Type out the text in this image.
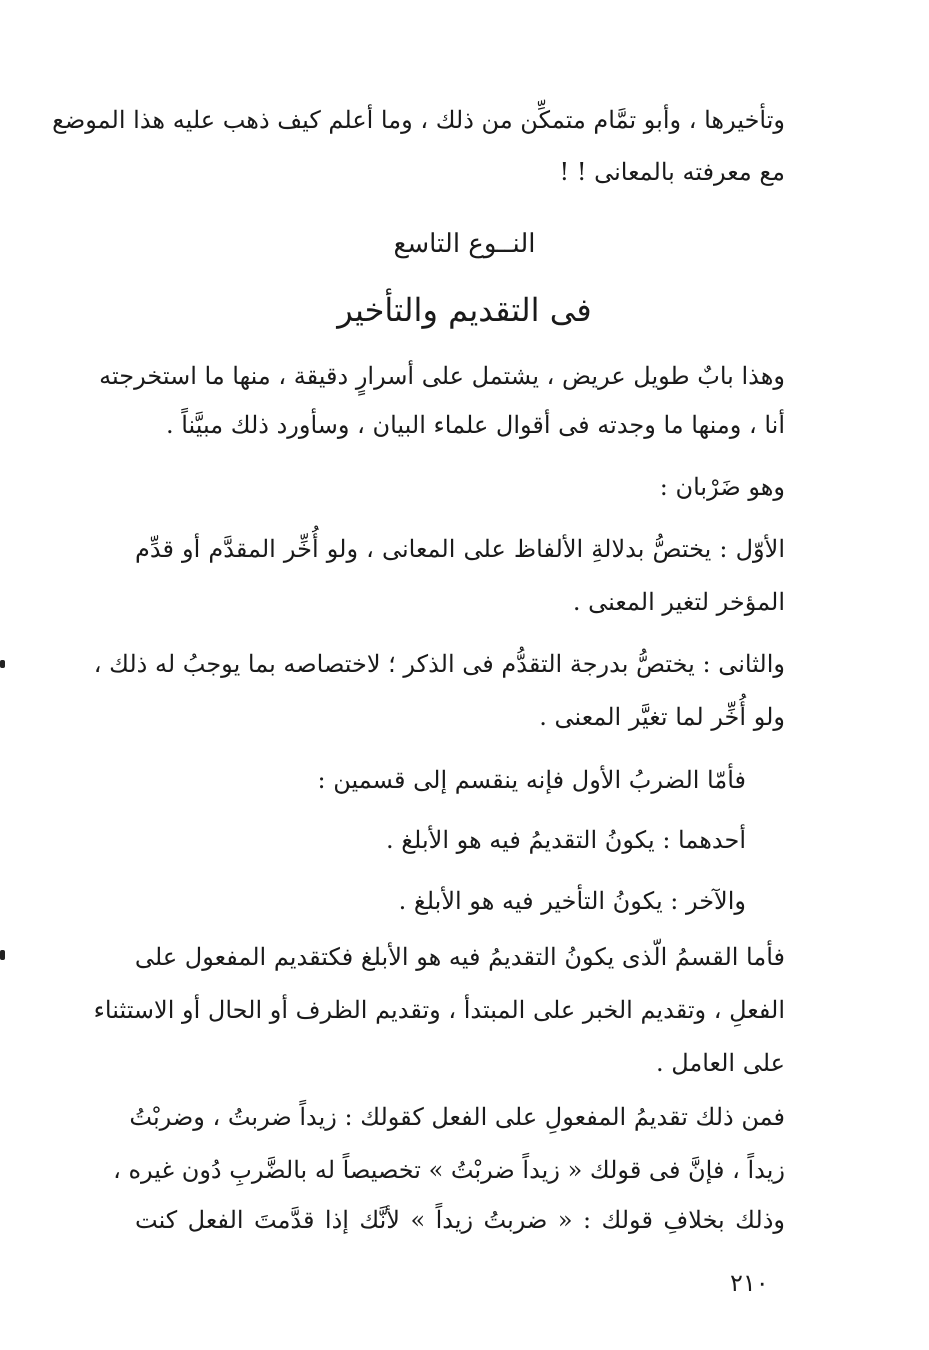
وتأخيرها ، وأبو تمَّام متمكِّن من ذلك ، وما أعلم كيف ذهب عليه هذا الموضع
مع معرفته بالمعانى ! !
النــوع التاسع
فى التقديم والتأخير
وهذا بابٌ طويل عريض ، يشتمل على أسرارٍ دقيقة ، منها ما استخرجته
أنا ، ومنها ما وجدته فى أقوال علماء البيان ، وسأورد ذلك مبيَّناً .
وهو ضَرْبان :
الأوّل : يختصُّ بدلالةِ الألفاظ على المعانى ، ولو أُخِّر المقدَّم أو قدِّم
المؤخر لتغير المعنى .
والثانى : يختصُّ بدرجة التقدُّم فى الذكر ؛ لاختصاصه بما يوجبُ له ذلك ،
ولو أُخِّر لما تغيَّر المعنى .
فأمّا الضربُ الأول فإنه ينقسم إلى قسمين :
أحدهما : يكونُ التقديمُ فيه هو الأبلغ .
والآخر : يكونُ التأخير فيه هو الأبلغ .
فأما القسمُ الّذى يكونُ التقديمُ فيه هو الأبلغ فكتقديم المفعول على
الفعلِ ، وتقديم الخبر على المبتدأ ، وتقديم الظرف أو الحال أو الاستثناء
على العامل .
فمن ذلك تقديمُ المفعولِ على الفعل كقولك : زيداً ضربتُ ، وضربْتُ
زيداً ، فإنَّ فى قولك « زيداً ضربْتُ » تخصيصاً له بالضَّربِ دُون غيره ،
وذلك بخلافِ قولك : « ضربتُ زيداً » لأنَّك إذا قدَّمتَ الفعل كنت
٢١٠
